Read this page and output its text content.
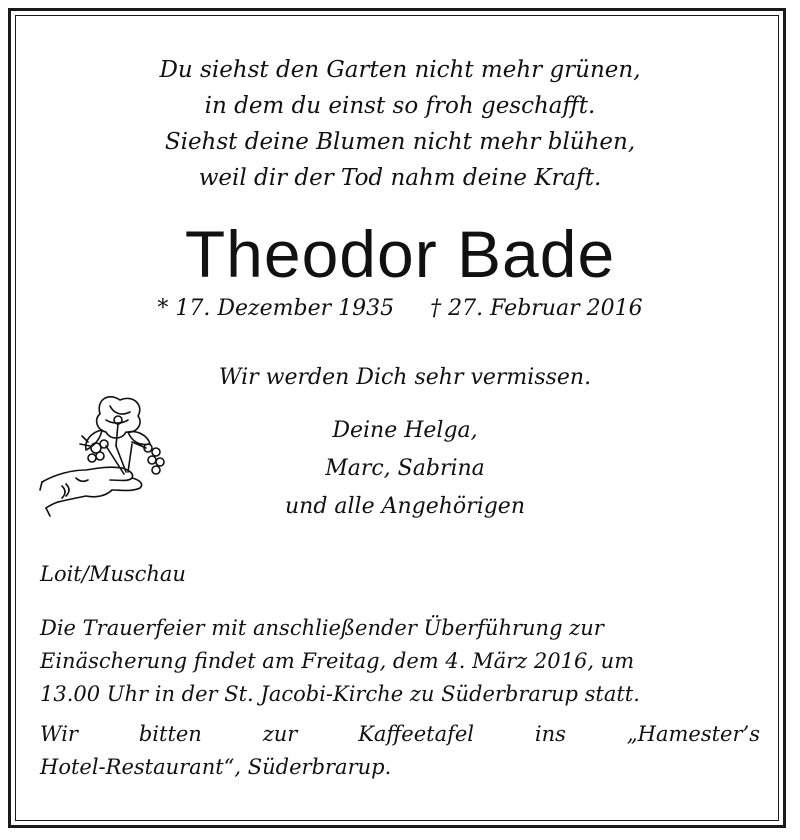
Du siehst den Garten nicht mehr grünen,
in dem du einst so froh geschafft.
Siehst deine Blumen nicht mehr blühen,
weil dir der Tod nahm deine Kraft.
Theodor Bade
* 17. Dezember 1935 † 27. Februar 2016
Wir werden Dich sehr vermissen.
Deine Helga,
Marc, Sabrina
und alle Angehörigen
Loit/Muschau
Die Trauerfeier mit anschließender Überführung zur
Einäscherung findet am Freitag, dem 4. März 2016, um
13.00 Uhr in der St. Jacobi-Kirche zu Süderbrarup statt.
Wir	bitten	zur	Kaffeetafel	ins	„Hamester’s
Hotel-Restaurant“, Süderbrarup.
